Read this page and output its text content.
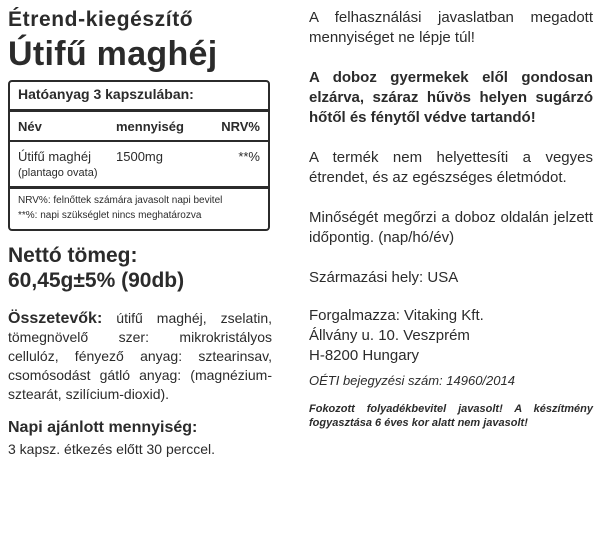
Étrend-kiegészítő
Útifű maghéj
Hatóanyag 3 kapszulában:
Név	mennyiség	NRV%
Útifű maghéj	1500mg	**%
(plantago ovata)
NRV%: felnőttek számára javasolt napi bevitel
**%: napi szükséglet nincs meghatározva
Nettó tömeg:
60,45g±5% (90db)
Összetevők: útifű maghéj, zselatin, tömegnövelő szer: mikrokristályos cellulóz, fényező anyag: sztearinsav, csomósodást gátló anyag: (magnézium-sztearát, szilícium-dioxid).
Napi ajánlott mennyiség:
3 kapsz. étkezés előtt 30 perccel.
A felhasználási javaslatban megadott mennyiséget ne lépje túl!
A doboz gyermekek elől gondosan elzárva, száraz hűvös helyen sugárzó hőtől és fénytől védve tartandó!
A termék nem helyettesíti a vegyes étrendet, és az egészséges életmódot.
Minőségét megőrzi a doboz oldalán jelzett időpontig. (nap/hó/év)
Származási hely: USA
Forgalmazza: Vitaking Kft.
Állvány u. 10. Veszprém
H-8200 Hungary
OÉTI bejegyzési szám: 14960/2014
Fokozott folyadékbevitel javasolt! A készítmény fogyasztása 6 éves kor alatt nem javasolt!
